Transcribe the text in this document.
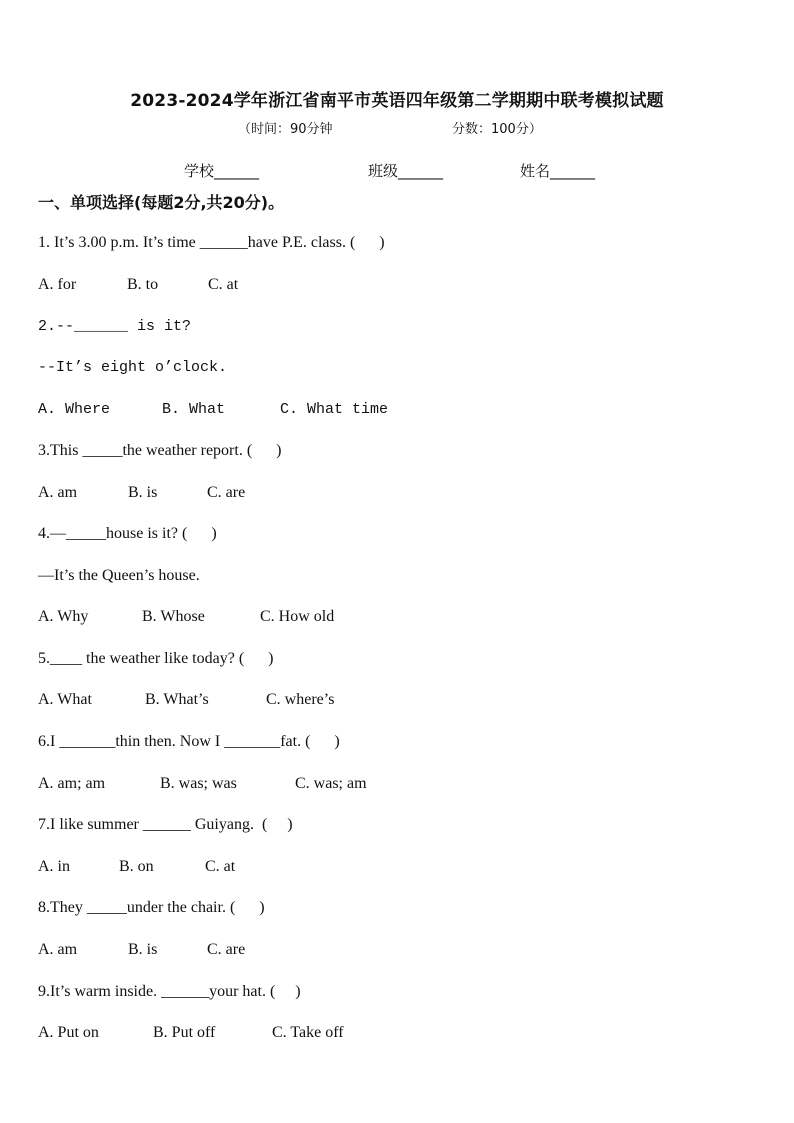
2023-2024学年浙江省南平市英语四年级第二学期期中联考模拟试题
（时间：90分钟	分数：100分）
学校______	班级______	姓名______
一、单项选择(每题2分,共20分)。
1. It’s 3.00 p.m. It’s time ______have P.E. class. (      )
A. for	B. to	C. at
2.--______ is it?
--It’s eight o’clock.
A. Where	B. What	C. What time
3.This _____the weather report. (      )
A. am	B. is	C. are
4.—_____house is it? (      )
—It’s the Queen’s house.
A. Why	B. Whose	C. How old
5.____ the weather like today? (      )
A. What	B. What’s	C. where’s
6.I _______thin then. Now I _______fat. (      )
A. am; am	B. was; was	C. was; am
7.I like summer ______ Guiyang.  (     )
A. in	B. on	C. at
8.They _____under the chair. (      )
A. am	B. is	C. are
9.It’s warm inside. ______your hat. (     )
A. Put on	B. Put off	C. Take off
